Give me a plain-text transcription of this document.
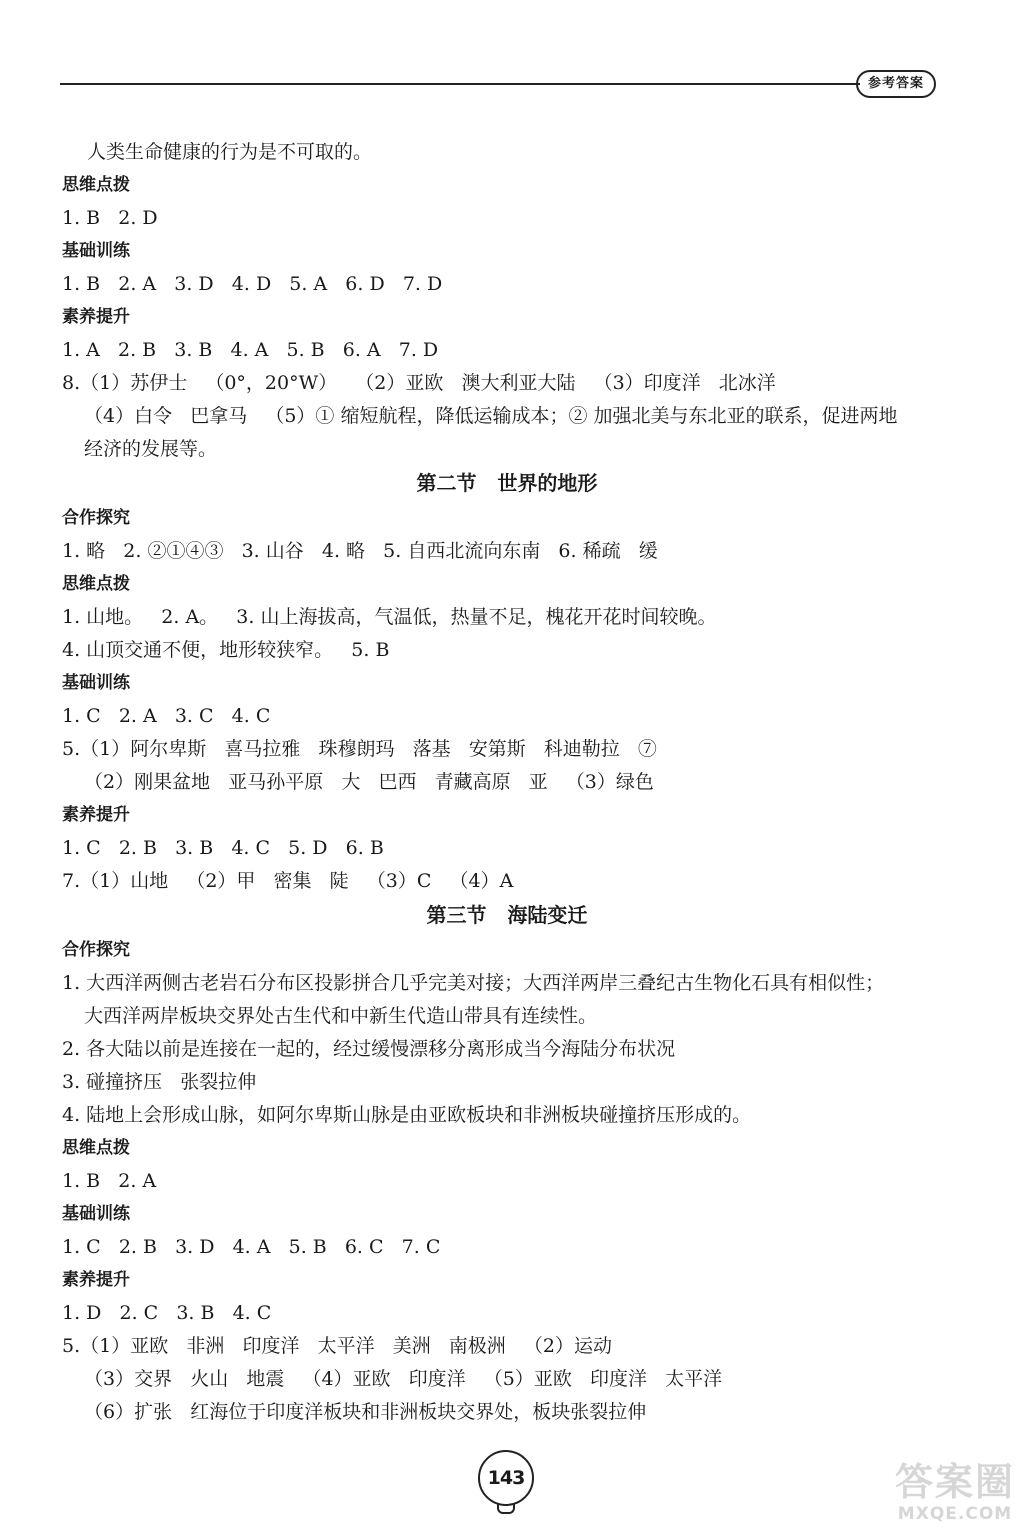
参考答案
人类生命健康的行为是不可取的。
思维点拨
1. B   2. D
基础训练
1. B   2. A   3. D   4. D   5. A   6. D   7. D
素养提升
1. A   2. B   3. B   4. A   5. B   6. A   7. D
8.（1）苏伊士   （0°，20°W）   （2）亚欧   澳大利亚大陆   （3）印度洋   北冰洋
（4）白令   巴拿马   （5）① 缩短航程，降低运输成本；② 加强北美与东北亚的联系，促进两地
经济的发展等。
第二节   世界的地形
合作探究
1. 略   2. ②①④③   3. 山谷   4. 略   5. 自西北流向东南   6. 稀疏   缓
思维点拨
1. 山地。   2. A。   3. 山上海拔高，气温低，热量不足，槐花开花时间较晚。
4. 山顶交通不便，地形较狭窄。   5. B
基础训练
1. C   2. A   3. C   4. C
5.（1）阿尔卑斯   喜马拉雅   珠穆朗玛   落基   安第斯   科迪勒拉   ⑦
（2）刚果盆地   亚马孙平原   大   巴西   青藏高原   亚   （3）绿色
素养提升
1. C   2. B   3. B   4. C   5. D   6. B
7.（1）山地   （2）甲   密集   陡   （3）C   （4）A
第三节   海陆变迁
合作探究
1. 大西洋两侧古老岩石分布区投影拼合几乎完美对接；大西洋两岸三叠纪古生物化石具有相似性；
大西洋两岸板块交界处古生代和中新生代造山带具有连续性。
2. 各大陆以前是连接在一起的，经过缓慢漂移分离形成当今海陆分布状况
3. 碰撞挤压   张裂拉伸
4. 陆地上会形成山脉，如阿尔卑斯山脉是由亚欧板块和非洲板块碰撞挤压形成的。
思维点拨
1. B   2. A
基础训练
1. C   2. B   3. D   4. A   5. B   6. C   7. C
素养提升
1. D   2. C   3. B   4. C
5.（1）亚欧   非洲   印度洋   太平洋   美洲   南极洲   （2）运动
（3）交界   火山   地震   （4）亚欧   印度洋   （5）亚欧   印度洋   太平洋
（6）扩张   红海位于印度洋板块和非洲板块交界处，板块张裂拉伸
143	答案圈
MXQE.COM
